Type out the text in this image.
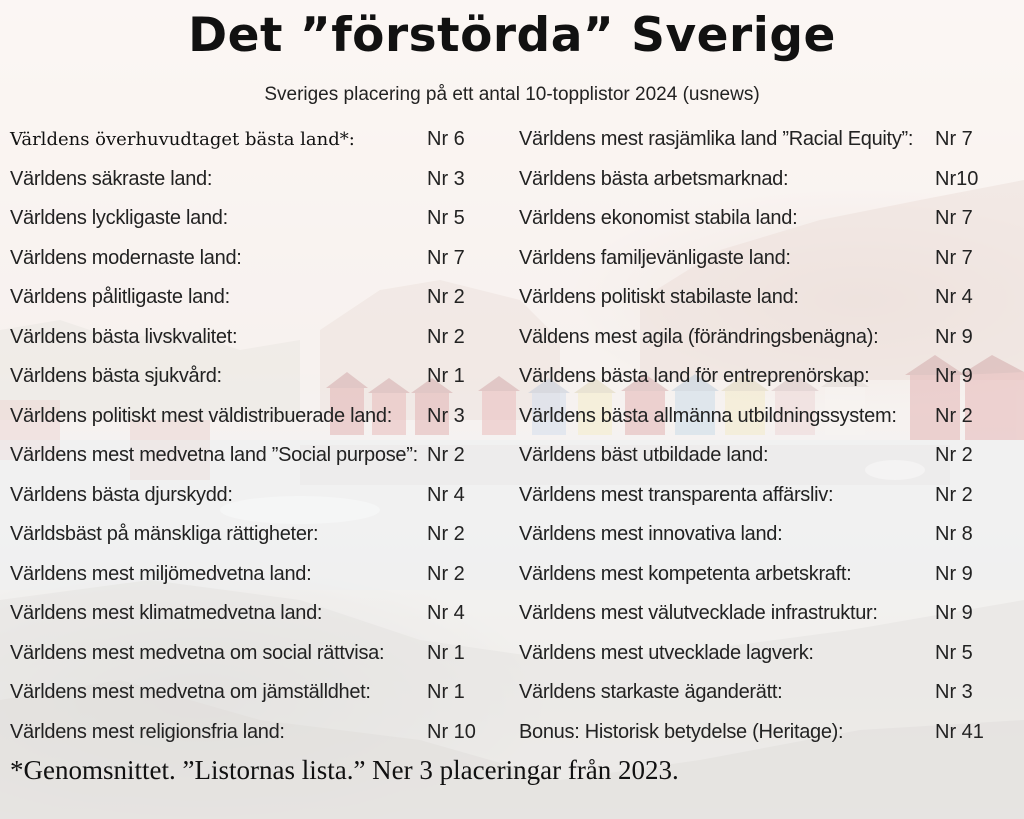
Det ”förstörda” Sverige
Sveriges placering på ett antal 10-topplistor 2024 (usnews)
Världens överhuvudtaget bästa land*:	Nr 6
Världens säkraste land:	Nr 3
Världens lyckligaste land:	Nr 5
Världens modernaste land:	Nr 7
Världens pålitligaste land:	Nr 2
Världens bästa livskvalitet:	Nr 2
Världens bästa sjukvård:	Nr 1
Världens politiskt mest väldistribuerade land: Nr 3
Världens mest medvetna land ”Social purpose”: Nr 2
Världens bästa djurskydd:	Nr 4
Världsbäst på mänskliga rättigheter:	Nr 2
Världens mest miljömedvetna land:	Nr 2
Världens mest klimatmedvetna land:	Nr 4
Världens mest medvetna om social rättvisa: Nr 1
Världens mest medvetna om jämställdhet:	Nr 1
Världens mest religionsfria land:	Nr 10
Världens mest rasjämlika land ”Racial Equity”: Nr 7
Världens bästa arbetsmarknad:	Nr10
Världens ekonomist stabila land:	Nr 7
Världens familjevänligaste land:	Nr 7
Världens politiskt stabilaste land:	Nr 4
Väldens mest agila (förändringsbenägna):	Nr 9
Världens bästa land för entreprenörskap:	Nr 9
Världens bästa allmänna utbildningssystem: Nr 2
Världens bäst utbildade land:	Nr 2
Världens mest transparenta affärsliv:	Nr 2
Världens mest innovativa land:	Nr 8
Världens mest kompetenta arbetskraft:	Nr 9
Världens mest välutvecklade infrastruktur:	Nr 9
Världens mest utvecklade lagverk:	Nr 5
Världens starkaste äganderätt:	Nr 3
Bonus: Historisk betydelse (Heritage):	Nr 41
*Genomsnittet. ”Listornas lista.” Ner 3 placeringar från 2023.
